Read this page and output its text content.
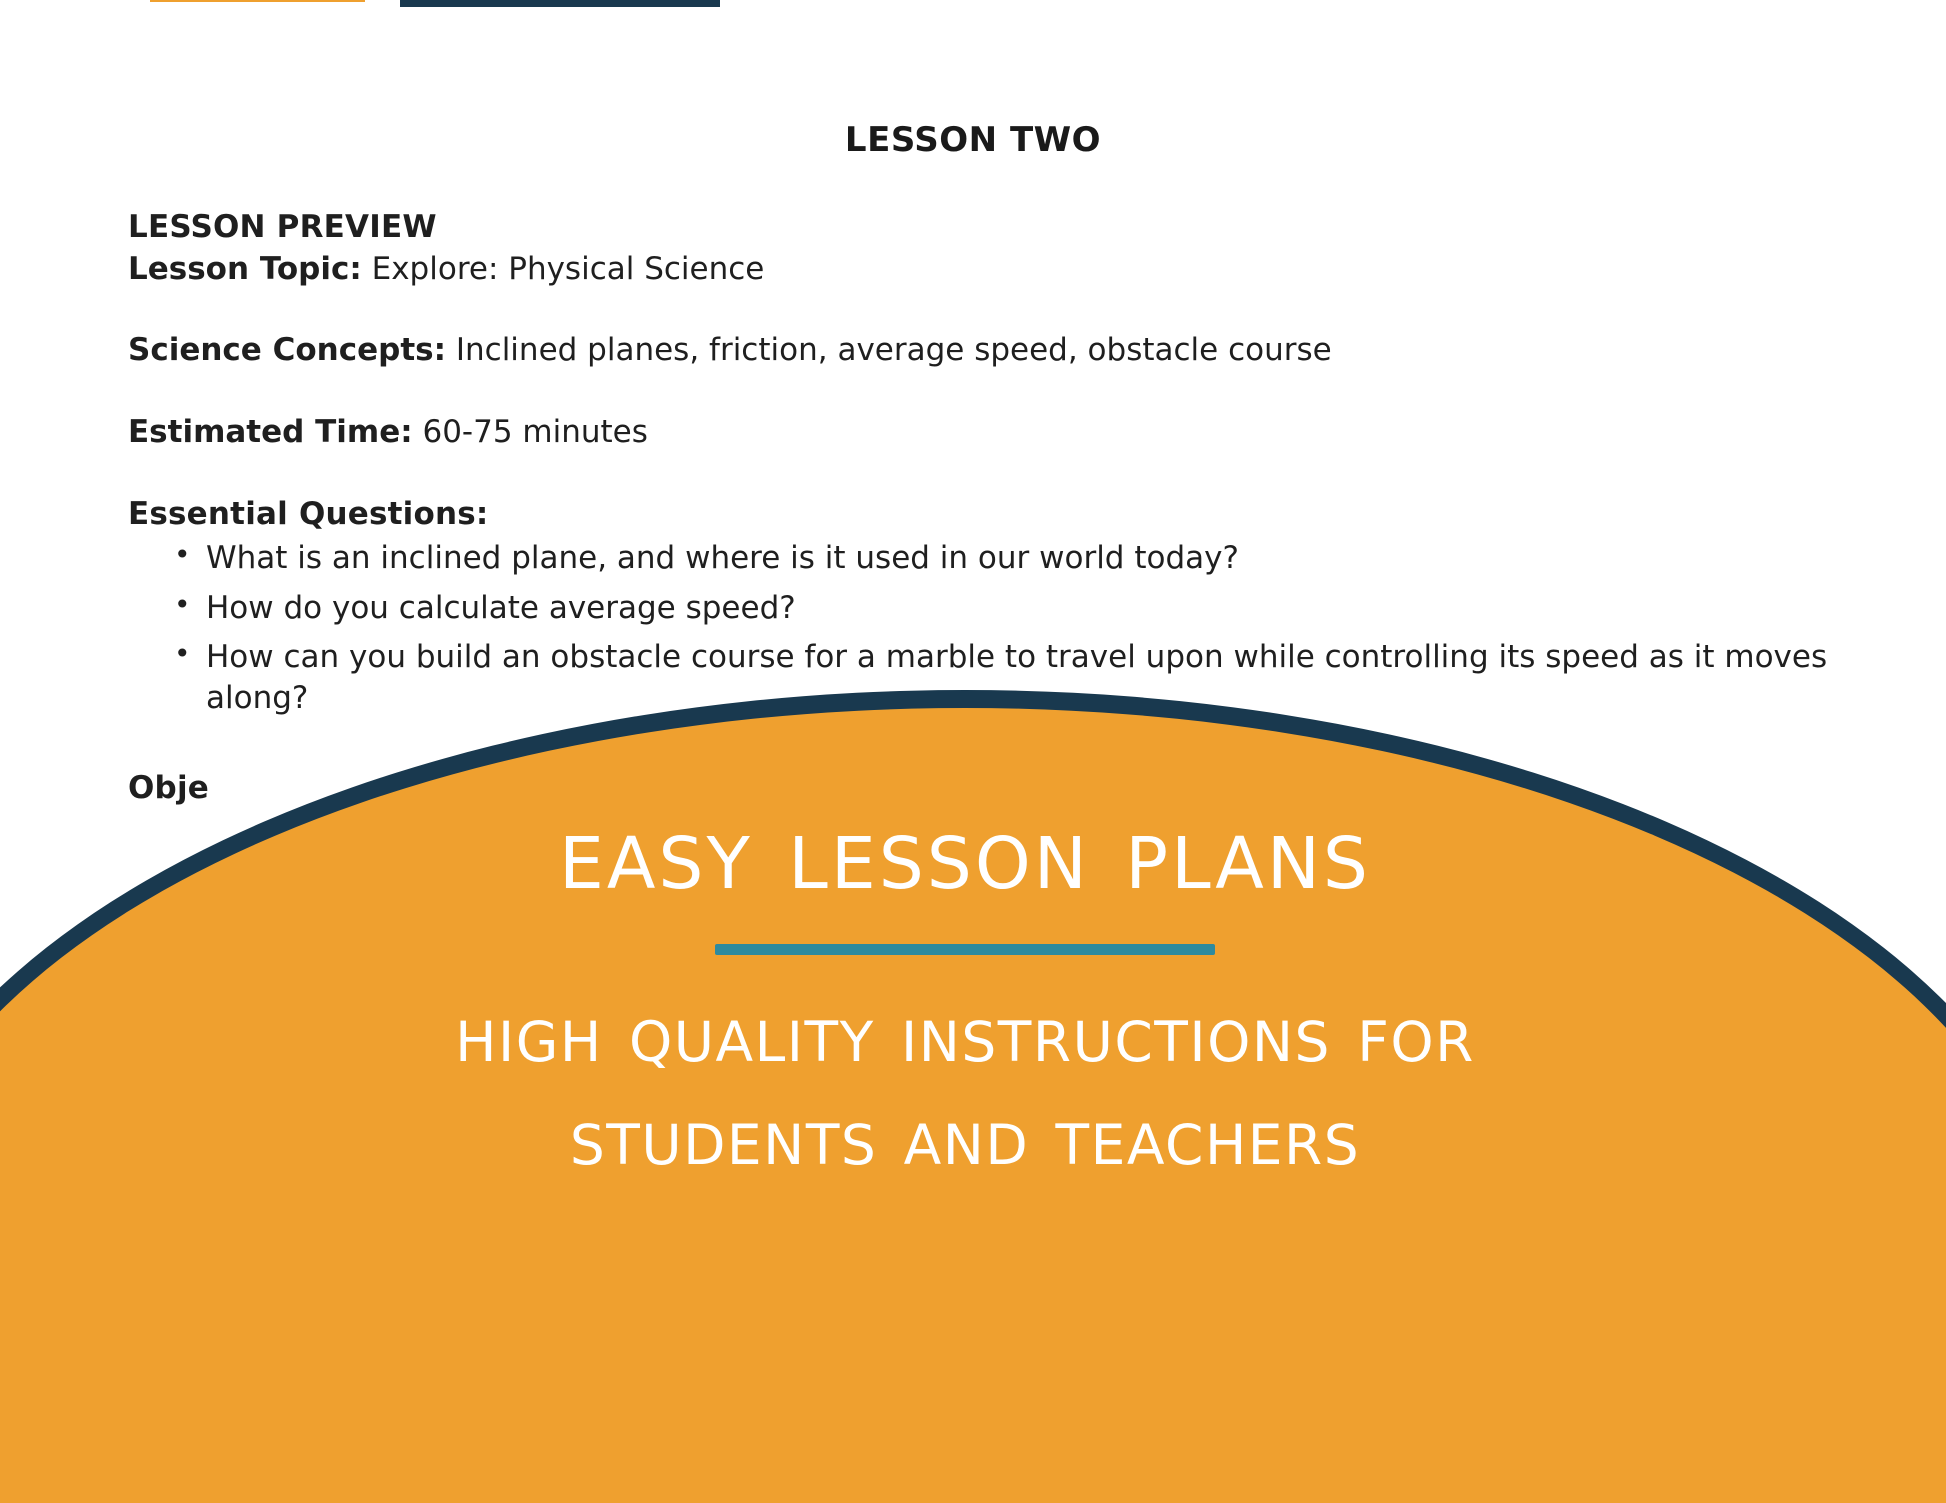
LESSON TWO
LESSON PREVIEW
Lesson Topic: Explore: Physical Science
Science Concepts: Inclined planes, friction, average speed, obstacle course
Estimated Time: 60-75 minutes
Essential Questions:
• What is an inclined plane, and where is it used in our world today?
• How do you calculate average speed?
• How can you build an obstacle course for a marble to travel upon while controlling its speed as it moves along?
Obje
easy lesson plans
high quality instructions for
students and teachers
